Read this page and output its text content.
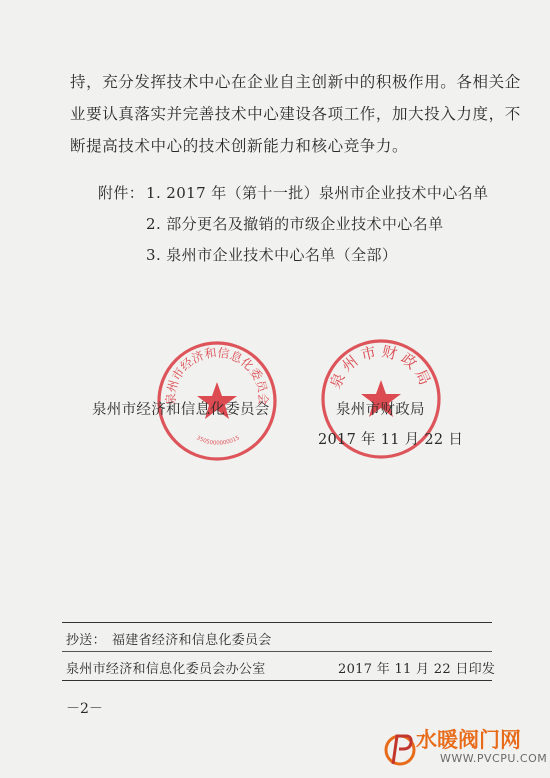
持，充分发挥技术中心在企业自主创新中的积极作用。各相关企
业要认真落实并完善技术中心建设各项工作，加大投入力度，不
断提高技术中心的技术创新能力和核心竞争力。
附件： 1. 2017 年（第十一批）泉州市企业技术中心名单
2. 部分更名及撤销的市级企业技术中心名单
3. 泉州市企业技术中心名单（全部）
泉州市经济和信息化委员会
3505000000015
泉州市财政局
泉州市经济和信息化委员会	泉州市财政局
2017 年 11 月 22 日
抄送： 福建省经济和信息化委员会
泉州市经济和信息化委员会办公室	2017 年 11 月 22 日印发
－2－
水暖阀门网
WWW.PVCPU.COM
